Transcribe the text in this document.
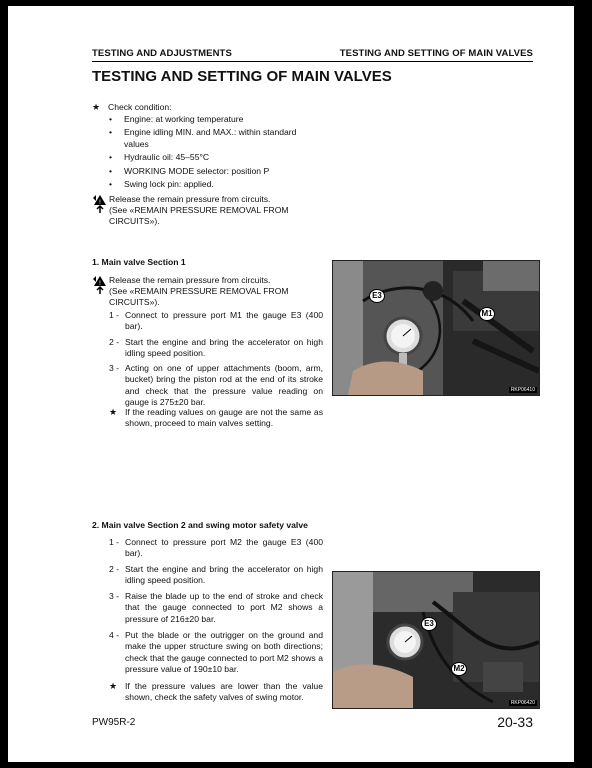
TESTING AND ADJUSTMENTS	TESTING AND SETTING OF MAIN VALVES
TESTING AND SETTING OF MAIN VALVES
★ Check condition:
• Engine: at working temperature
• Engine idling MIN. and MAX.: within standard values
• Hydraulic oil: 45–55°C
• WORKING MODE selector: position P
• Swing lock pin: applied.
! Release the remain pressure from circuits.
(See «REMAIN PRESSURE REMOVAL FROM CIRCUITS»).
1. Main valve Section 1
! Release the remain pressure from circuits.
(See «REMAIN PRESSURE REMOVAL FROM CIRCUITS»).
1 - Connect to pressure port M1 the gauge E3 (400 bar).
2 - Start the engine and bring the accelerator on high idling speed position.
3 - Acting on one of upper attachments (boom, arm, bucket) bring the piston rod at the end of its stroke and check that the pressure value reading on gauge is 275±20 bar.
★ If the reading values on gauge are not the same as shown, proceed to main valves setting.
E3
M1
RKP06410
2. Main valve Section 2 and swing motor safety valve
1 - Connect to pressure port M2 the gauge E3 (400 bar).
2 - Start the engine and bring the accelerator on high idling speed position.
3 - Raise the blade up to the end of stroke and check that the gauge connected to port M2 shows a pressure of 216±20 bar.
4 - Put the blade or the outrigger on the ground and make the upper structure swing on both directions; check that the gauge connected to port M2 shows a pressure value of 190±10 bar.
★ If the pressure values are lower than the value shown, check the safety valves of swing motor.
E3
M2
RKP06420
PW95R-2	20-33
